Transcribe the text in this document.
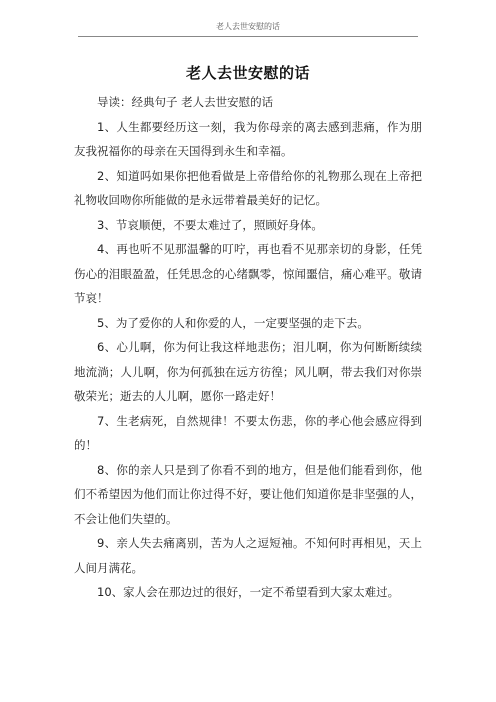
老人去世安慰的话
老人去世安慰的话

导读：经典句子 老人去世安慰的话

1、人生都要经历这一刻，我为你母亲的离去感到悲痛，作为朋友我祝福你的母亲在天国得到永生和幸福。

2、知道吗如果你把他看做是上帝借给你的礼物那么现在上帝把礼物收回吻你所能做的是永远带着最美好的记忆。

3、节哀顺便，不要太难过了，照顾好身体。

4、再也听不见那温馨的叮咛，再也看不见那亲切的身影，任凭伤心的泪眼盈盈，任凭思念的心绪飘零，惊闻噩信，痛心难平。敬请节哀！

5、为了爱你的人和你爱的人，一定要坚强的走下去。

6、心儿啊，你为何让我这样地悲伤；泪儿啊，你为何断断续续地流淌；人儿啊，你为何孤独在远方彷徨；风儿啊，带去我们对你崇敬荣光；逝去的人儿啊，愿你一路走好！

7、生老病死，自然规律！不要太伤悲，你的孝心他会感应得到的！

8、你的亲人只是到了你看不到的地方，但是他们能看到你，他们不希望因为他们而让你过得不好，要让他们知道你是非坚强的人，不会让他们失望的。

9、亲人失去痛离别，苦为人之逗短袖。不知何时再相见，天上人间月满花。

10、家人会在那边过的很好，一定不希望看到大家太难过。
